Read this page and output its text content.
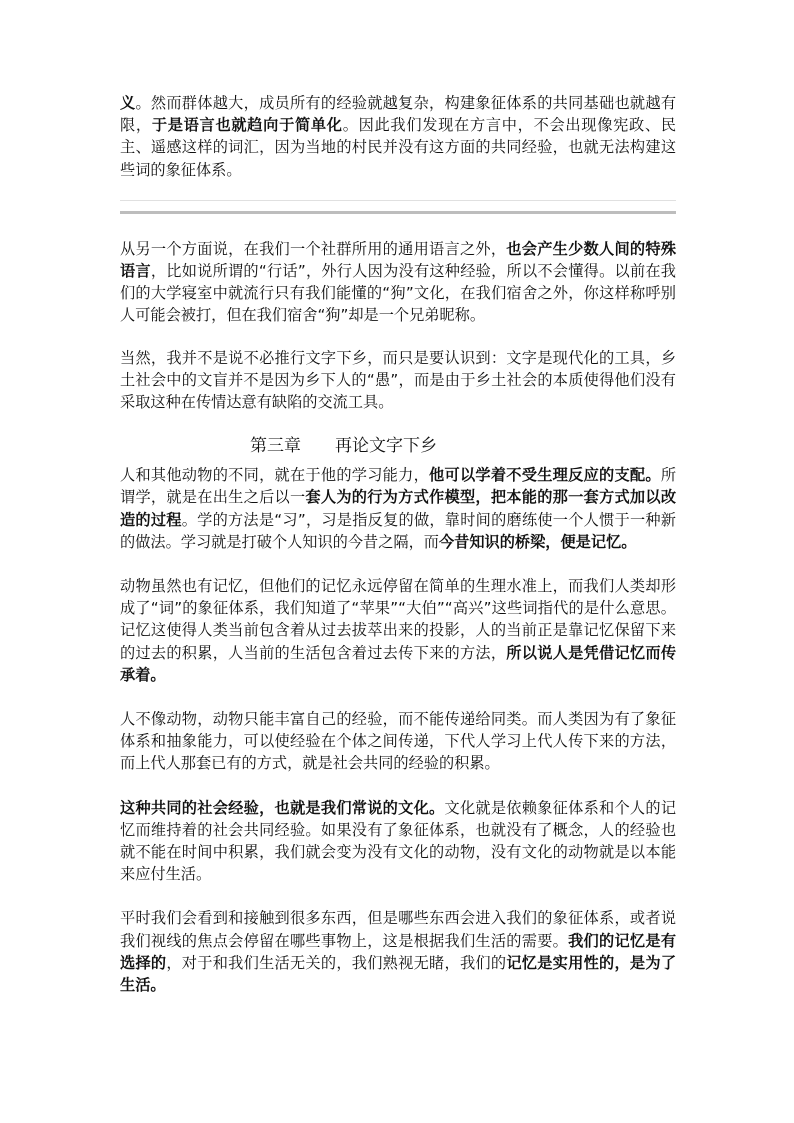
义。然而群体越大，成员所有的经验就越复杂，构建象征体系的共同基础也就越有限，于是语言也就趋向于简单化。因此我们发现在方言中，不会出现像宪政、民主、遥感这样的词汇，因为当地的村民并没有这方面的共同经验，也就无法构建这些词的象征体系。

从另一个方面说，在我们一个社群所用的通用语言之外，也会产生少数人间的特殊语言，比如说所谓的“行话”，外行人因为没有这种经验，所以不会懂得。以前在我们的大学寝室中就流行只有我们能懂的“狗”文化，在我们宿舍之外，你这样称呼别人可能会被打，但在我们宿舍“狗”却是一个兄弟昵称。

当然，我并不是说不必推行文字下乡，而只是要认识到：文字是现代化的工具，乡土社会中的文盲并不是因为乡下人的“愚”，而是由于乡土社会的本质使得他们没有采取这种在传情达意有缺陷的交流工具。

第三章 再论文字下乡

人和其他动物的不同，就在于他的学习能力，他可以学着不受生理反应的支配。所谓学，就是在出生之后以一套人为的行为方式作模型，把本能的那一套方式加以改造的过程。学的方法是“习”，习是指反复的做，靠时间的磨练使一个人惯于一种新的做法。学习就是打破个人知识的今昔之隔，而今昔知识的桥梁，便是记忆。

动物虽然也有记忆，但他们的记忆永远停留在简单的生理水准上，而我们人类却形成了“词”的象征体系，我们知道了“苹果”“大伯”“高兴”这些词指代的是什么意思。记忆这使得人类当前包含着从过去拔萃出来的投影，人的当前正是靠记忆保留下来的过去的积累，人当前的生活包含着过去传下来的方法，所以说人是凭借记忆而传承着。

人不像动物，动物只能丰富自己的经验，而不能传递给同类。而人类因为有了象征体系和抽象能力，可以使经验在个体之间传递，下代人学习上代人传下来的方法，而上代人那套已有的方式，就是社会共同的经验的积累。

这种共同的社会经验，也就是我们常说的文化。文化就是依赖象征体系和个人的记忆而维持着的社会共同经验。如果没有了象征体系，也就没有了概念，人的经验也就不能在时间中积累，我们就会变为没有文化的动物，没有文化的动物就是以本能来应付生活。

平时我们会看到和接触到很多东西，但是哪些东西会进入我们的象征体系，或者说我们视线的焦点会停留在哪些事物上，这是根据我们生活的需要。我们的记忆是有选择的，对于和我们生活无关的，我们熟视无睹，我们的记忆是实用性的，是为了生活。
